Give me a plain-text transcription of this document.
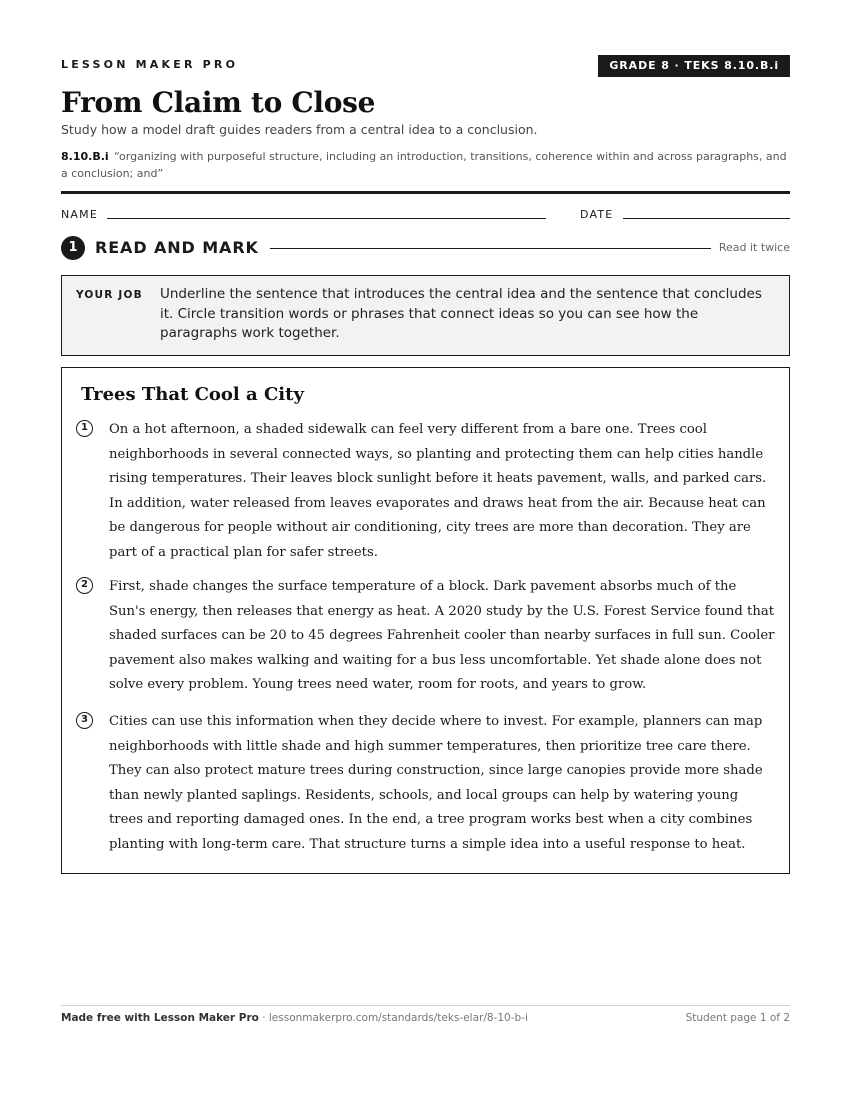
LESSON MAKER PRO	GRADE 8 · TEKS 8.10.B.i
From Claim to Close
Study how a model draft guides readers from a central idea to a conclusion.
8.10.B.i “organizing with purposeful structure, including an introduction, transitions, coherence within and across paragraphs, and a conclusion; and”
NAME	DATE
1	READ AND MARK	Read it twice
YOUR JOB Underline the sentence that introduces the central idea and the sentence that concludes it. Circle transition words or phrases that connect ideas so you can see how the paragraphs work together.
Trees That Cool a City
1	On a hot afternoon, a shaded sidewalk can feel very different from a bare one. Trees cool neighborhoods in several connected ways, so planting and protecting them can help cities handle rising temperatures. Their leaves block sunlight before it heats pavement, walls, and parked cars. In addition, water released from leaves evaporates and draws heat from the air. Because heat can be dangerous for people without air conditioning, city trees are more than decoration. They are part of a practical plan for safer streets.

2	First, shade changes the surface temperature of a block. Dark pavement absorbs much of the Sun's energy, then releases that energy as heat. A 2020 study by the U.S. Forest Service found that shaded surfaces can be 20 to 45 degrees Fahrenheit cooler than nearby surfaces in full sun. Cooler pavement also makes walking and waiting for a bus less uncomfortable. Yet shade alone does not solve every problem. Young trees need water, room for roots, and years to grow.

3	Cities can use this information when they decide where to invest. For example, planners can map neighborhoods with little shade and high summer temperatures, then prioritize tree care there. They can also protect mature trees during construction, since large canopies provide more shade than newly planted saplings. Residents, schools, and local groups can help by watering young trees and reporting damaged ones. In the end, a tree program works best when a city combines planting with long-term care. That structure turns a simple idea into a useful response to heat.

Made free with Lesson Maker Pro · lessonmakerpro.com/standards/teks-elar/8-10-b-i	Student page 1 of 2
